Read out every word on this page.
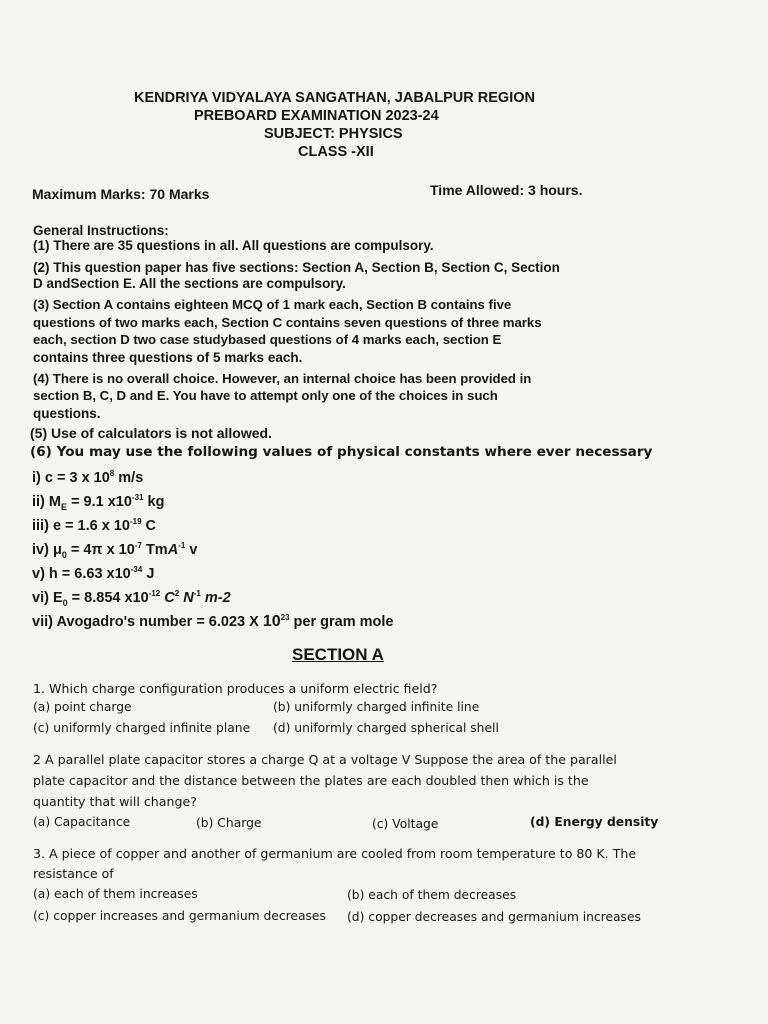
KENDRIYA VIDYALAYA SANGATHAN, JABALPUR REGION
PREBOARD EXAMINATION 2023-24
SUBJECT: PHYSICS
CLASS -XII
Maximum Marks: 70 Marks	Time Allowed: 3 hours.
General Instructions:
(1) There are 35 questions in all. All questions are compulsory.
(2) This question paper has five sections: Section A, Section B, Section C, Section
D andSection E. All the sections are compulsory.
(3) Section A contains eighteen MCQ of 1 mark each, Section B contains five
questions of two marks each, Section C contains seven questions of three marks
each, section D two case studybased questions of 4 marks each, section E
contains three questions of 5 marks each.
(4) There is no overall choice. However, an internal choice has been provided in
section B, C, D and E. You have to attempt only one of the choices in such
questions.
(5) Use of calculators is not allowed.
(6) You may use the following values of physical constants where ever necessary
i) c = 3 x $10^8$ m/s
ii) $M_E = 9.1$ $x10^{-31}$ kg
iii) e = 1.6 x $10^{-19}$ C
iv) $\mu_0 = 4\pi$ x $10^{-7}$ TmA$^{-1}$ v
v) h = 6.63 $x10^{-34}$ J
vi) $E_0 = 8.854$ $x10^{-12}$ $C^2$ $N^{-1}$ m-2
vii) Avogadro's number = 6.023 X $10^{23}$ per gram mole
SECTION A
1. Which charge configuration produces a uniform electric field?
(a) point charge	(b) uniformly charged infinite line
(c) uniformly charged infinite plane (d) uniformly charged spherical shell
2 A parallel plate capacitor stores a charge Q at a voltage V Suppose the area of the parallel
plate capacitor and the distance between the plates are each doubled then which is the
quantity that will change?
(a) Capacitance	(b) Charge	(c) Voltage	(d) Energy density
3. A piece of copper and another of germanium are cooled from room temperature to 80 K. The
resistance of
(a) each of them increases	(b) each of them decreases
(c) copper increases and germanium decreases (d) copper decreases and germanium increases
